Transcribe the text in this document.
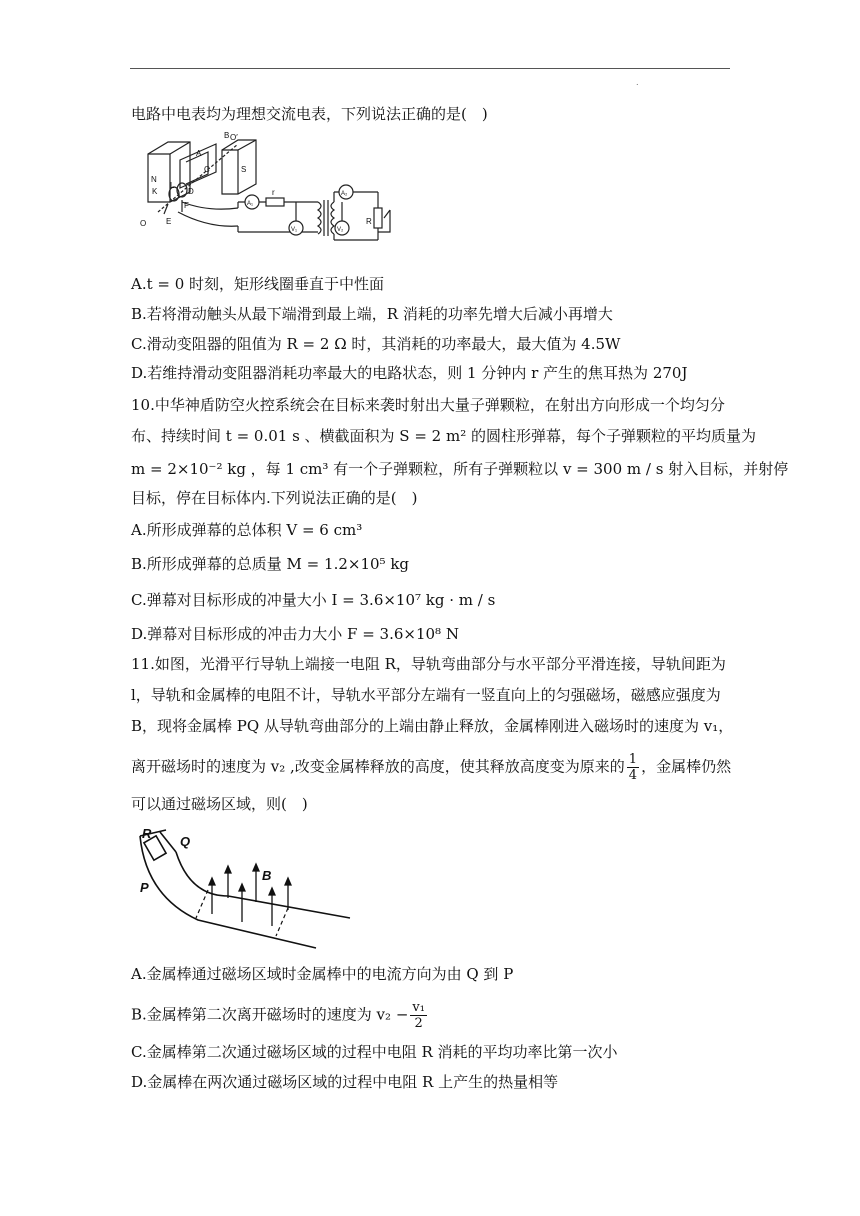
.
电路中电表均为理想交流电表，下列说法正确的是(　)
N
S
A
B
C
D
E
F
K
L
O
O′
A₁
r
V₁
A₂
V₂
R
A.t = 0 时刻，矩形线圈垂直于中性面
B.若将滑动触头从最下端滑到最上端，R 消耗的功率先增大后减小再增大
C.滑动变阻器的阻值为 R = 2 Ω 时，其消耗的功率最大，最大值为 4.5W
D.若维持滑动变阻器消耗功率最大的电路状态，则 1 分钟内 r 产生的焦耳热为 270J
10.中华神盾防空火控系统会在目标来袭时射出大量子弹颗粒，在射出方向形成一个均匀分
布、持续时间 t = 0.01 s 、横截面积为 S = 2 m² 的圆柱形弹幕，每个子弹颗粒的平均质量为
m = 2×10⁻² kg ，每 1 cm³ 有一个子弹颗粒，所有子弹颗粒以 v = 300 m / s 射入目标，并射停
目标，停在目标体内.下列说法正确的是(　)
A.所形成弹幕的总体积 V = 6 cm³
B.所形成弹幕的总质量 M = 1.2×10⁵ kg
C.弹幕对目标形成的冲量大小 I = 3.6×10⁷ kg · m / s
D.弹幕对目标形成的冲击力大小 F = 3.6×10⁸ N
11.如图，光滑平行导轨上端接一电阻 R，导轨弯曲部分与水平部分平滑连接，导轨间距为
l，导轨和金属棒的电阻不计，导轨水平部分左端有一竖直向上的匀强磁场，磁感应强度为
B，现将金属棒 PQ 从导轨弯曲部分的上端由静止释放，金属棒刚进入磁场时的速度为 v₁，
离开磁场时的速度为 v₂ ,改变金属棒释放的高度，使其释放高度变为原来的 $\frac{1}{4}$ ，金属棒仍然
可以通过磁场区域，则(　)
R
Q
P
B
A.金属棒通过磁场区域时金属棒中的电流方向为由 Q 到 P
B.金属棒第二次离开磁场时的速度为 $v_2 - \frac{\text{v₁}}{2}$
C.金属棒第二次通过磁场区域的过程中电阻 R 消耗的平均功率比第一次小
D.金属棒在两次通过磁场区域的过程中电阻 R 上产生的热量相等
